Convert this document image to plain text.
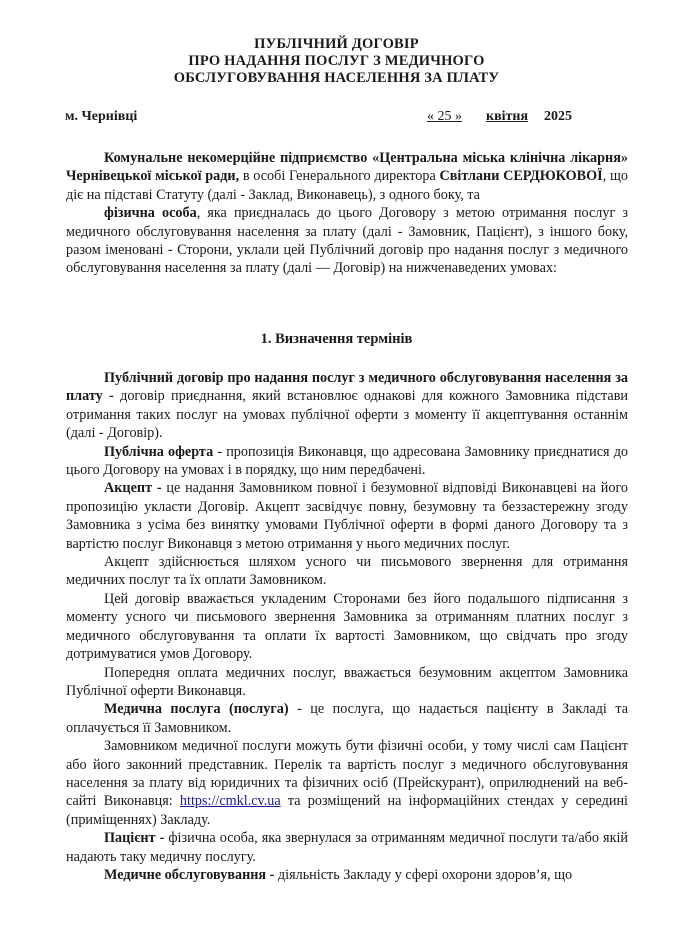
ПУБЛІЧНИЙ ДОГОВІР
ПРО НАДАННЯ ПОСЛУГ З МЕДИЧНОГО
ОБСЛУГОВУВАННЯ НАСЕЛЕННЯ ЗА ПЛАТУ
м. Чернівці	« 25 » квітня 2025

Комунальне некомерційне підприємство «Центральна міська клінічна лікарня» Чернівецької міської ради, в особі Генерального директора Світлани СЕРДЮКОВОЇ, що діє на підставі Статуту (далі - Заклад, Виконавець), з одного боку, та

фізична особа, яка приєдналась до цього Договору з метою отримання послуг з медичного обслуговування населення за плату (далі - Замовник, Пацієнт), з іншого боку, разом іменовані - Сторони, уклали цей Публічний договір про надання послуг з медичного обслуговування населення за плату (далі — Договір) на нижченаведених умовах:

1. Визначення термінів

Публічний договір про надання послуг з медичного обслуговування населення за плату - договір приєднання, який встановлює однакові для кожного Замовника підстави отримання таких послуг на умовах публічної оферти з моменту її акцептування останнім (далі - Договір).

Публічна оферта - пропозиція Виконавця, що адресована Замовнику приєднатися до цього Договору на умовах і в порядку, що ним передбачені.

Акцепт - це надання Замовником повної і безумовної відповіді Виконавцеві на його пропозицію укласти Договір. Акцепт засвідчує повну, безумовну та беззастережну згоду Замовника з усіма без винятку умовами Публічної оферти в формі даного Договору та з вартістю послуг Виконавця з метою отримання у нього медичних послуг.

Акцепт здійснюється шляхом усного чи письмового звернення для отримання медичних послуг та їх оплати Замовником.

Цей договір вважається укладеним Сторонами без його подальшого підписання з моменту усного чи письмового звернення Замовника за отриманням платних послуг з медичного обслуговування та оплати їх вартості Замовником, що свідчать про згоду дотримуватися умов Договору.

Попередня оплата медичних послуг, вважається безумовним акцептом Замовника Публічної оферти Виконавця.

Медична послуга (послуга) - це послуга, що надається пацієнту в Закладі та оплачується її Замовником.

Замовником медичної послуги можуть бути фізичні особи, у тому числі сам Пацієнт або його законний представник. Перелік та вартість послуг з медичного обслуговування населення за плату від юридичних та фізичних осіб (Прейскурант), оприлюднений на веб-сайті Виконавця: https://cmkl.cv.ua та розміщений на інформаційних стендах у середині (приміщеннях) Закладу.

Пацієнт - фізична особа, яка звернулася за отриманням медичної послуги та/або якій надають таку медичну послугу.

Медичне обслуговування - діяльність Закладу у сфері охорони здоров’я, що
